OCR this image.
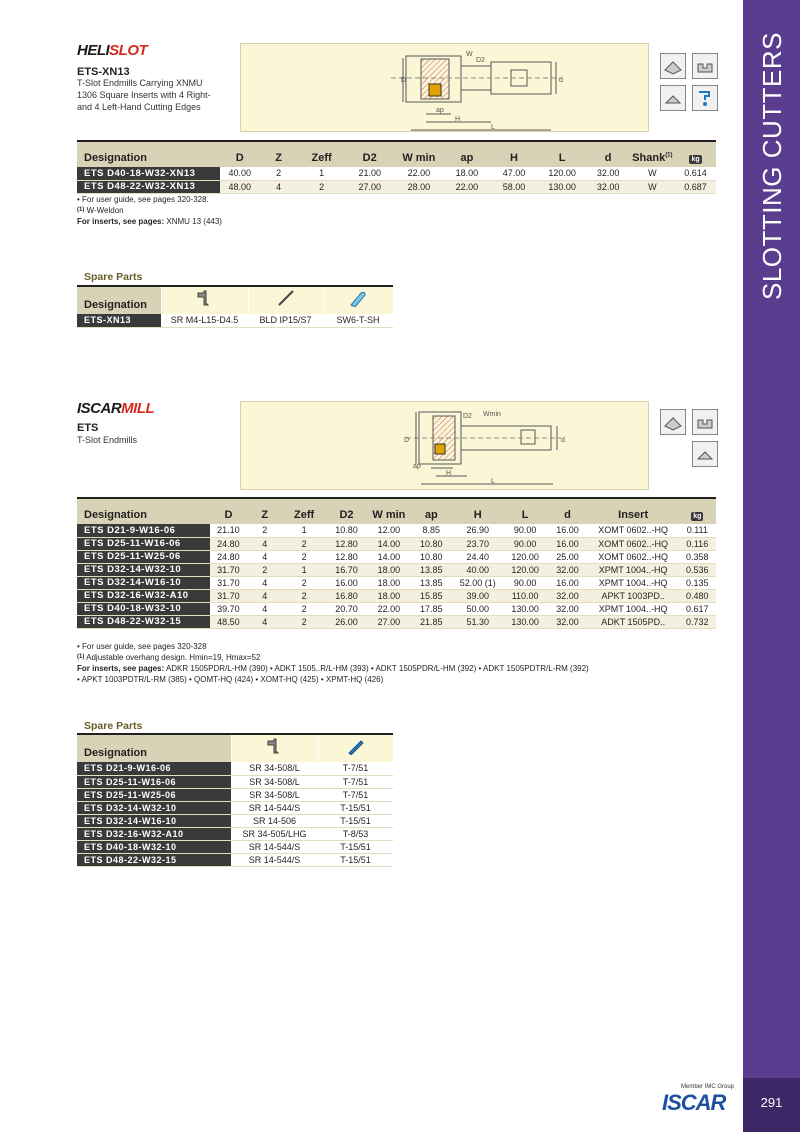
SLOTTING CUTTERS
291
HELISLOT
ETS-XN13
T-Slot Endmills Carrying XNMU 1306 Square Inserts with 4 Right- and 4 Left-Hand Cutting Edges
W
D2
D	d
ap
H
L
Designation	D	Z	Zeff	D2	W min	ap	H	L	d	Shank$^{(1)}$	kg
ETS D40-18-W32-XN13	40.00	2	1	21.00	22.00	18.00	47.00	120.00	32.00	W	0.614
ETS D48-22-W32-XN13	48.00	4	2	27.00	28.00	22.00	58.00	130.00	32.00	W	0.687
• For user guide, see pages 320-328.
$^{(1)}$ W-Weldon
For inserts, see pages: XNMU 13 (443)
Spare Parts
Designation			
ETS-XN13	SR M4-L15-D4.5	BLD IP15/S7	SW6-T-SH
ISCARMILL
ETS
T-Slot Endmills
D2 Wmin
D	d
ap
H
L
Designation	D	Z	Zeff	D2	W min	ap	H	L	d	Insert	kg
ETS D21-9-W16-06	21.10	2	1	10.80	12.00	8.85	26.90	90.00	16.00	XOMT 0602..-HQ	0.111
ETS D25-11-W16-06	24.80	4	2	12.80	14.00	10.80	23.70	90.00	16.00	XOMT 0602..-HQ	0.116
ETS D25-11-W25-06	24.80	4	2	12.80	14.00	10.80	24.40	120.00	25.00	XOMT 0602..-HQ	0.358
ETS D32-14-W32-10	31.70	2	1	16.70	18.00	13.85	40.00	120.00	32.00	XPMT 1004..-HQ	0.536
ETS D32-14-W16-10	31.70	4	2	16.00	18.00	13.85	52.00 (1)	90.00	16.00	XPMT 1004..-HQ	0.135
ETS D32-16-W32-A10	31.70	4	2	16.80	18.00	15.85	39.00	110.00	32.00	APKT 1003PD..	0.480
ETS D40-18-W32-10	39.70	4	2	20.70	22.00	17.85	50.00	130.00	32.00	XPMT 1004..-HQ	0.617
ETS D48-22-W32-15	48.50	4	2	26.00	27.00	21.85	51.30	130.00	32.00	ADKT 1505PD..	0.732
• For user guide, see pages 320-328
$^{(1)}$ Adjustable overhang design. Hmin=19, Hmax=52
For inserts, see pages: ADKR 1505PDR/L-HM (390) • ADKT 1505..R/L-HM (393) • ADKT 1505PDR/L-HM (392) • ADKT 1505PDTR/L-RM (392)
• APKT 1003PDTR/L-RM (385) • QOMT-HQ (424) • XOMT-HQ (425) • XPMT-HQ (426)
Spare Parts
Designation		
ETS D21-9-W16-06	SR 34-508/L	T-7/51
ETS D25-11-W16-06	SR 34-508/L	T-7/51
ETS D25-11-W25-06	SR 34-508/L	T-7/51
ETS D32-14-W32-10	SR 14-544/S	T-15/51
ETS D32-14-W16-10	SR 14-506	T-15/51
ETS D32-16-W32-A10	SR 34-505/LHG	T-8/53
ETS D40-18-W32-10	SR 14-544/S	T-15/51
ETS D48-22-W32-15	SR 14-544/S	T-15/51
Member IMC Group
ISCAR
